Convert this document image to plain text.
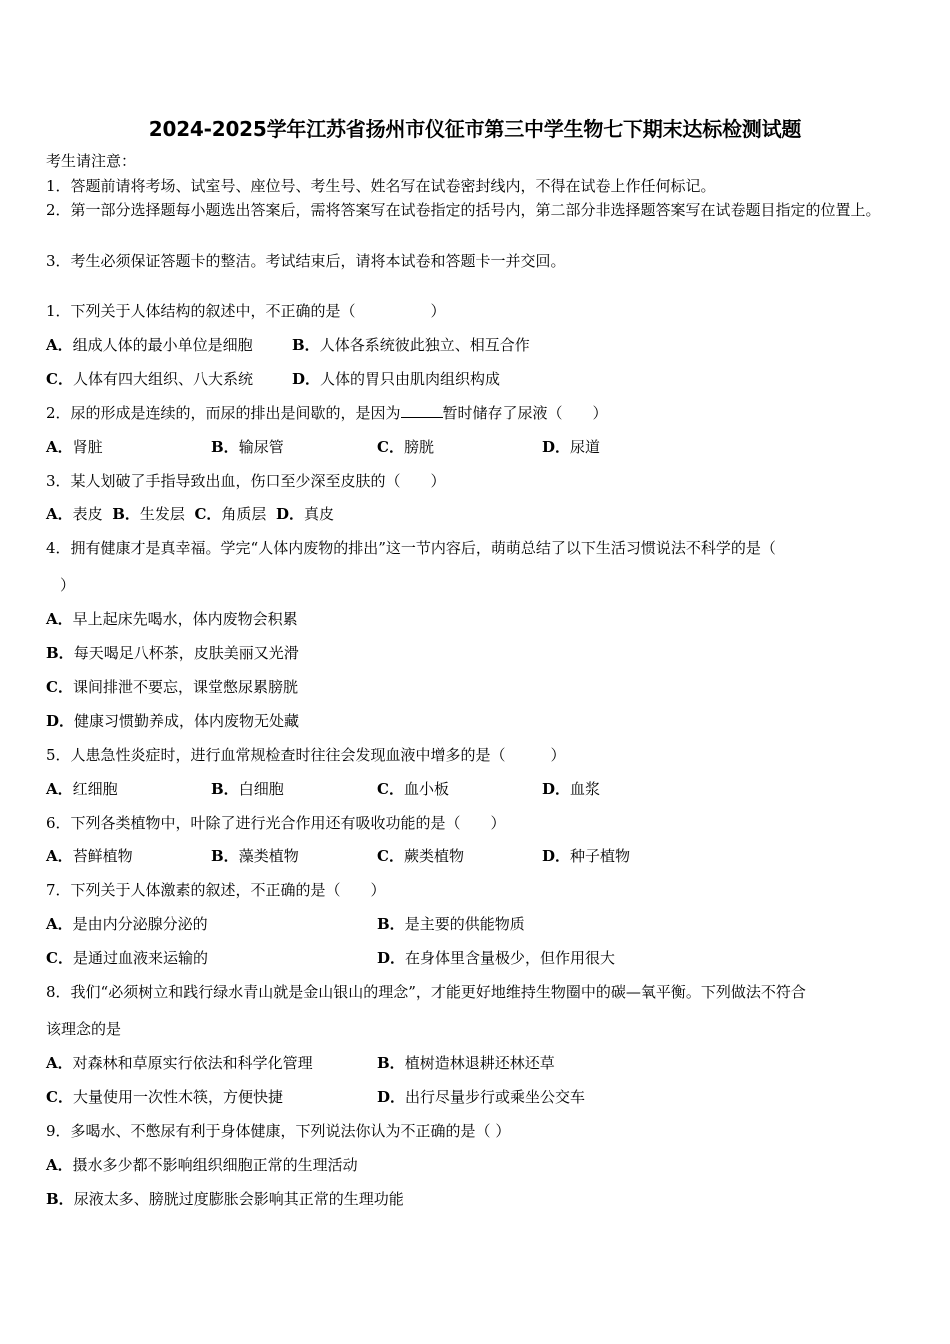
2024-2025学年江苏省扬州市仪征市第三中学生物七下期末达标检测试题
考生请注意：
1．答题前请将考场、试室号、座位号、考生号、姓名写在试卷密封线内，不得在试卷上作任何标记。
2．第一部分选择题每小题选出答案后，需将答案写在试卷指定的括号内，第二部分非选择题答案写在试卷题目指定的位置上。
3．考生必须保证答题卡的整洁。考试结束后，请将本试卷和答题卡一并交回。
1．下列关于人体结构的叙述中，不正确的是（　　　　　）
A．组成人体的最小单位是细胞	B．人体各系统彼此独立、相互合作
C．人体有四大组织、八大系统	D．人体的胃只由肌肉组织构成
2．尿的形成是连续的，而尿的排出是间歇的，是因为	暂时储存了尿液（　　）
A．肾脏	B．输尿管	C．膀胱	D．尿道
3．某人划破了手指导致出血，伤口至少深至皮肤的（　　）
A．表皮 B．生发层 C．角质层 D．真皮
4．拥有健康才是真幸福。学完“人体内废物的排出”这一节内容后，萌萌总结了以下生活习惯说法不科学的是（
）
A．早上起床先喝水，体内废物会积累
B．每天喝足八杯茶，皮肤美丽又光滑
C．课间排泄不要忘，课堂憋尿累膀胱
D．健康习惯勤养成，体内废物无处藏
5．人患急性炎症时，进行血常规检查时往往会发现血液中增多的是（　　　）
A．红细胞	B．白细胞	C．血小板	D．血浆
6．下列各类植物中，叶除了进行光合作用还有吸收功能的是（　　）
A．苔鲜植物	B．藻类植物	C．蕨类植物	D．种子植物
7．下列关于人体激素的叙述，不正确的是（　　）
A．是由内分泌腺分泌的	B．是主要的供能物质
C．是通过血液来运输的	D．在身体里含量极少，但作用很大
8．我们“必须树立和践行绿水青山就是金山银山的理念”，才能更好地维持生物圈中的碳—氧平衡。下列做法不符合
该理念的是
A．对森林和草原实行依法和科学化管理	B．植树造林退耕还林还草
C．大量使用一次性木筷，方便快捷	D．出行尽量步行或乘坐公交车
9．多喝水、不憋尿有利于身体健康，下列说法你认为不正确的是（ ）
A．摄水多少都不影响组织细胞正常的生理活动
B．尿液太多、膀胱过度膨胀会影响其正常的生理功能
